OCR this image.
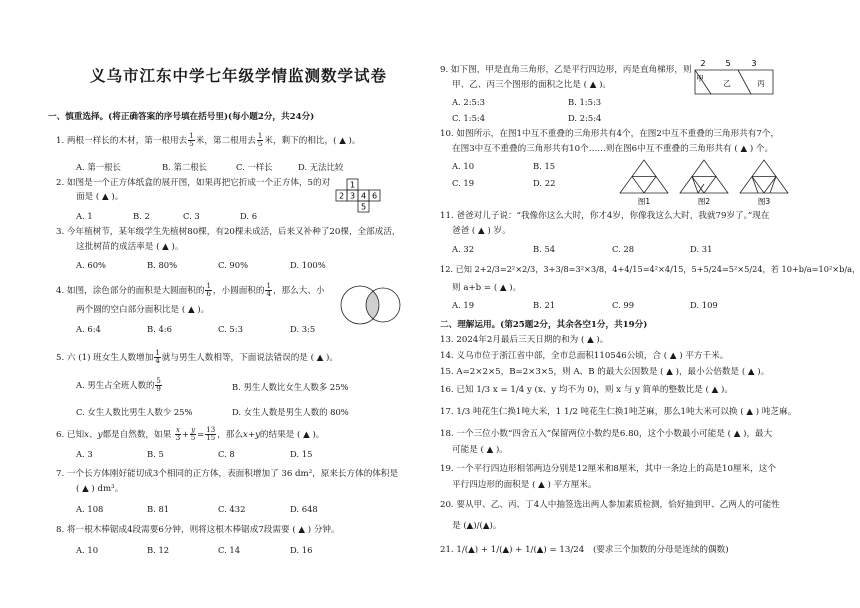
义乌市江东中学七年级学情监测数学试卷
一、慎重选择。(将正确答案的序号填在括号里)(每小题2分，共24分)
1. 两根一样长的木材，第一根用去 $\frac{1}{5}$ 米，第二根用去 $\frac{1}{5}$ 米，剩下的相比，( ▲ )。
A. 第一根长	B. 第二根长	C. 一样长	D. 无法比较
2. 如图是一个正方体纸盒的展开图，如果再把它折成一个正方体，5的对
面是 ( ▲ )。
1
2 3 4 6
5
A. 1	B. 2	C. 3	D. 6
3. 今年植树节，某年级学生先植树80棵，有20棵未成活，后来又补种了20棵，全部成活，
这批树苗的成活率是 ( ▲ )。
A. 60%	B. 80%	C. 90%	D. 100%
4. 如图，涂色部分的面积是大圆面积的 $\frac{1}{6}$ ，小圆面积的 $\frac{1}{4}$ ，那么大、小
两个圆的空白部分面积比是 ( ▲ )。
A. 6:4	B. 4:6	C. 5:3	D. 3:5
5. 六 (1) 班女生人数增加 $\frac{1}{4}$ 就与男生人数相等，下面说法错误的是 ( ▲ )。
A. 男生占全班人数的 $\frac{5}{9}$	B. 男生人数比女生人数多 25%
C. 女生人数比男生人数少 25%	D. 女生人数是男生人数的 80%
6. 已知x、y都是自然数，如果 $\frac{x}{3} + \frac{y}{5} = \frac{13}{15}$ ，那么x+y的结果是 ( ▲ )。
A. 3	B. 5	C. 8	D. 15
7. 一个长方体刚好能切成3个相同的正方体，表面积增加了 36 dm²，原来长方体的体积是
( ▲ ) dm³。
A. 108	B. 81	C. 432	D. 648
8. 将一根木棒锯成4段需要6分钟，则将这根木棒锯成7段需要 ( ▲ ) 分钟。
A. 10	B. 12	C. 14	D. 16
9. 如下图，甲是直角三角形，乙是平行四边形，丙是直角梯形，则
甲、乙、丙三个图形的面积之比是 ( ▲ )。
2 5	3
甲
乙	丙
A. 2:5:3	B. 1:5:3
C. 1:5:4	D. 2:5:4
10. 如图所示，在图1中互不重叠的三角形共有4个，在图2中互不重叠的三角形共有7个，
在图3中互不重叠的三角形共有10个……则在图6中互不重叠的三角形共有 ( ▲ ) 个。
A. 10	B. 15
C. 19	D. 22
图1	图2	图3
11. 爸爸对儿子说：“我像你这么大时，你才4岁，你像我这么大时，我就79岁了。”现在
爸爸 ( ▲ ) 岁。
A. 32	B. 54	C. 28	D. 31
12. 已知 2+2/3=2²×2/3，3+3/8=3²×3/8，4+4/15=4²×4/15，5+5/24=5²×5/24，若 10+b/a=10²×b/a，
则 a+b = ( ▲ )。
A. 19	B. 21	C. 99	D. 109
二、理解运用。(第25题2分，其余各空1分，共19分)
13. 2024年2月最后三天日期的和为 ( ▲ )。
14. 义乌市位于浙江省中部，全市总面积110546公顷，合 ( ▲ ) 平方千米。
15. A=2×2×5，B=2×3×5，则 A、B 的最大公因数是 ( ▲ )，最小公倍数是 ( ▲ )。
16. 已知 1/3 x = 1/4 y (x、y 均不为 0)，则 x 与 y 简单的整数比是 ( ▲ )。
17. 1/3 吨花生仁换1吨大米，1 1/2 吨花生仁换1吨芝麻，那么1吨大米可以换 ( ▲ ) 吨芝麻。
18. 一个三位小数“四舍五入”保留两位小数约是6.80，这个小数最小可能是 ( ▲ )，最大
可能是 ( ▲ )。
19. 一个平行四边形相邻两边分别是12厘米和8厘米，其中一条边上的高是10厘米，这个
平行四边形的面积是 ( ▲ ) 平方厘米。
20. 要从甲、乙、丙、丁4人中抽签选出两人参加素质检测，恰好抽到甲、乙两人的可能性
是 (▲)/(▲)。
21. 1/(▲) + 1/(▲) + 1/(▲) = 13/24 (要求三个加数的分母是连续的偶数)
